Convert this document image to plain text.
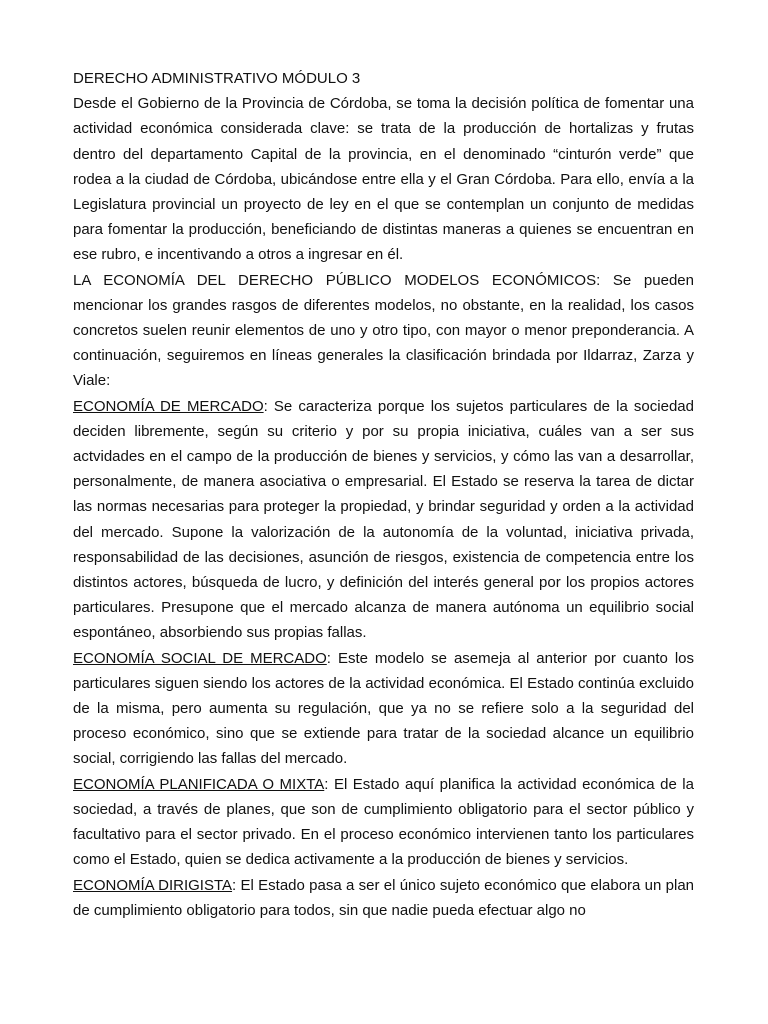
DERECHO ADMINISTRATIVO MÓDULO 3

Desde el Gobierno de la Provincia de Córdoba, se toma la decisión política de fomentar una actividad económica considerada clave: se trata de la producción de hortalizas y frutas dentro del departamento Capital de la provincia, en el denominado “cinturón verde” que rodea a la ciudad de Córdoba, ubicándose entre ella y el Gran Córdoba. Para ello, envía a la Legislatura provincial un proyecto de ley en el que se contemplan un conjunto de medidas para fomentar la producción, beneficiando de distintas maneras a quienes se encuentran en ese rubro, e incentivando a otros a ingresar en él.

LA ECONOMÍA DEL DERECHO PÚBLICO MODELOS ECONÓMICOS: Se pueden mencionar los grandes rasgos de diferentes modelos, no obstante, en la realidad, los casos concretos suelen reunir elementos de uno y otro tipo, con mayor o menor preponderancia. A continuación, seguiremos en líneas generales la clasificación brindada por Ildarraz, Zarza y Viale:

ECONOMÍA DE MERCADO: Se caracteriza porque los sujetos particulares de la sociedad deciden libremente, según su criterio y por su propia iniciativa, cuáles van a ser sus actvidades en el campo de la producción de bienes y servicios, y cómo las van a desarrollar, personalmente, de manera asociativa o empresarial. El Estado se reserva la tarea de dictar las normas necesarias para proteger la propiedad, y brindar seguridad y orden a la actividad del mercado. Supone la valorización de la autonomía de la voluntad, iniciativa privada, responsabilidad de las decisiones, asunción de riesgos, existencia de competencia entre los distintos actores, búsqueda de lucro, y definición del interés general por los propios actores particulares. Presupone que el mercado alcanza de manera autónoma un equilibrio social espontáneo, absorbiendo sus propias fallas.

ECONOMÍA SOCIAL DE MERCADO: Este modelo se asemeja al anterior por cuanto los particulares siguen siendo los actores de la actividad económica. El Estado continúa excluido de la misma, pero aumenta su regulación, que ya no se refiere solo a la seguridad del proceso económico, sino que se extiende para tratar de la sociedad alcance un equilibrio social, corrigiendo las fallas del mercado.

ECONOMÍA PLANIFICADA O MIXTA: El Estado aquí planifica la actividad económica de la sociedad, a través de planes, que son de cumplimiento obligatorio para el sector público y facultativo para el sector privado. En el proceso económico intervienen tanto los particulares como el Estado, quien se dedica activamente a la producción de bienes y servicios.

ECONOMÍA DIRIGISTA: El Estado pasa a ser el único sujeto económico que elabora un plan de cumplimiento obligatorio para todos, sin que nadie pueda efectuar algo no
